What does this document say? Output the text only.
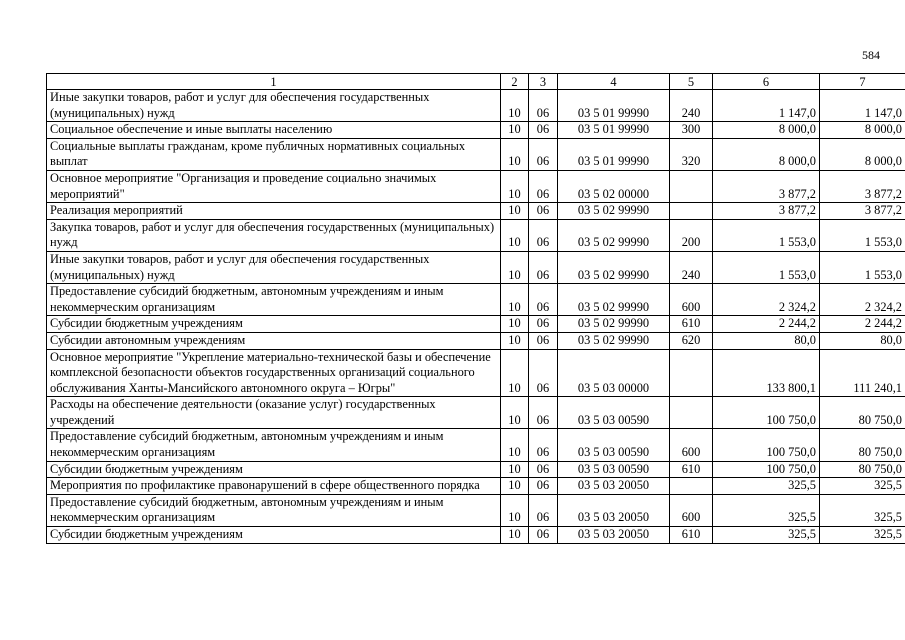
584
1	2	3	4	5	6	7
Иные закупки товаров, работ и услуг для обеспечения государственных (муниципальных) нужд	10	06	03 5 01 99990	240	1 147,0	1 147,0
Социальное обеспечение и иные выплаты населению	10	06	03 5 01 99990	300	8 000,0	8 000,0
Социальные выплаты гражданам, кроме публичных нормативных социальных выплат	10	06	03 5 01 99990	320	8 000,0	8 000,0
Основное мероприятие "Организация и проведение социально значимых мероприятий"	10	06	03 5 02 00000		3 877,2	3 877,2
Реализация мероприятий	10	06	03 5 02 99990		3 877,2	3 877,2
Закупка товаров, работ и услуг для обеспечения государственных (муниципальных) нужд	10	06	03 5 02 99990	200	1 553,0	1 553,0
Иные закупки товаров, работ и услуг для обеспечения государственных (муниципальных) нужд	10	06	03 5 02 99990	240	1 553,0	1 553,0
Предоставление субсидий бюджетным, автономным учреждениям и иным некоммерческим организациям	10	06	03 5 02 99990	600	2 324,2	2 324,2
Субсидии бюджетным учреждениям	10	06	03 5 02 99990	610	2 244,2	2 244,2
Субсидии автономным учреждениям	10	06	03 5 02 99990	620	80,0	80,0
Основное мероприятие "Укрепление материально-технической базы и обеспечение комплексной безопасности объектов государственных организаций социального обслуживания Ханты-Мансийского автономного округа – Югры"	10	06	03 5 03 00000		133 800,1	111 240,1
Расходы на обеспечение деятельности (оказание услуг) государственных учреждений	10	06	03 5 03 00590		100 750,0	80 750,0
Предоставление субсидий бюджетным, автономным учреждениям и иным некоммерческим организациям	10	06	03 5 03 00590	600	100 750,0	80 750,0
Субсидии бюджетным учреждениям	10	06	03 5 03 00590	610	100 750,0	80 750,0
Мероприятия по профилактике правонарушений в сфере общественного порядка	10	06	03 5 03 20050		325,5	325,5
Предоставление субсидий бюджетным, автономным учреждениям и иным некоммерческим организациям	10	06	03 5 03 20050	600	325,5	325,5
Субсидии бюджетным учреждениям	10	06	03 5 03 20050	610	325,5	325,5
